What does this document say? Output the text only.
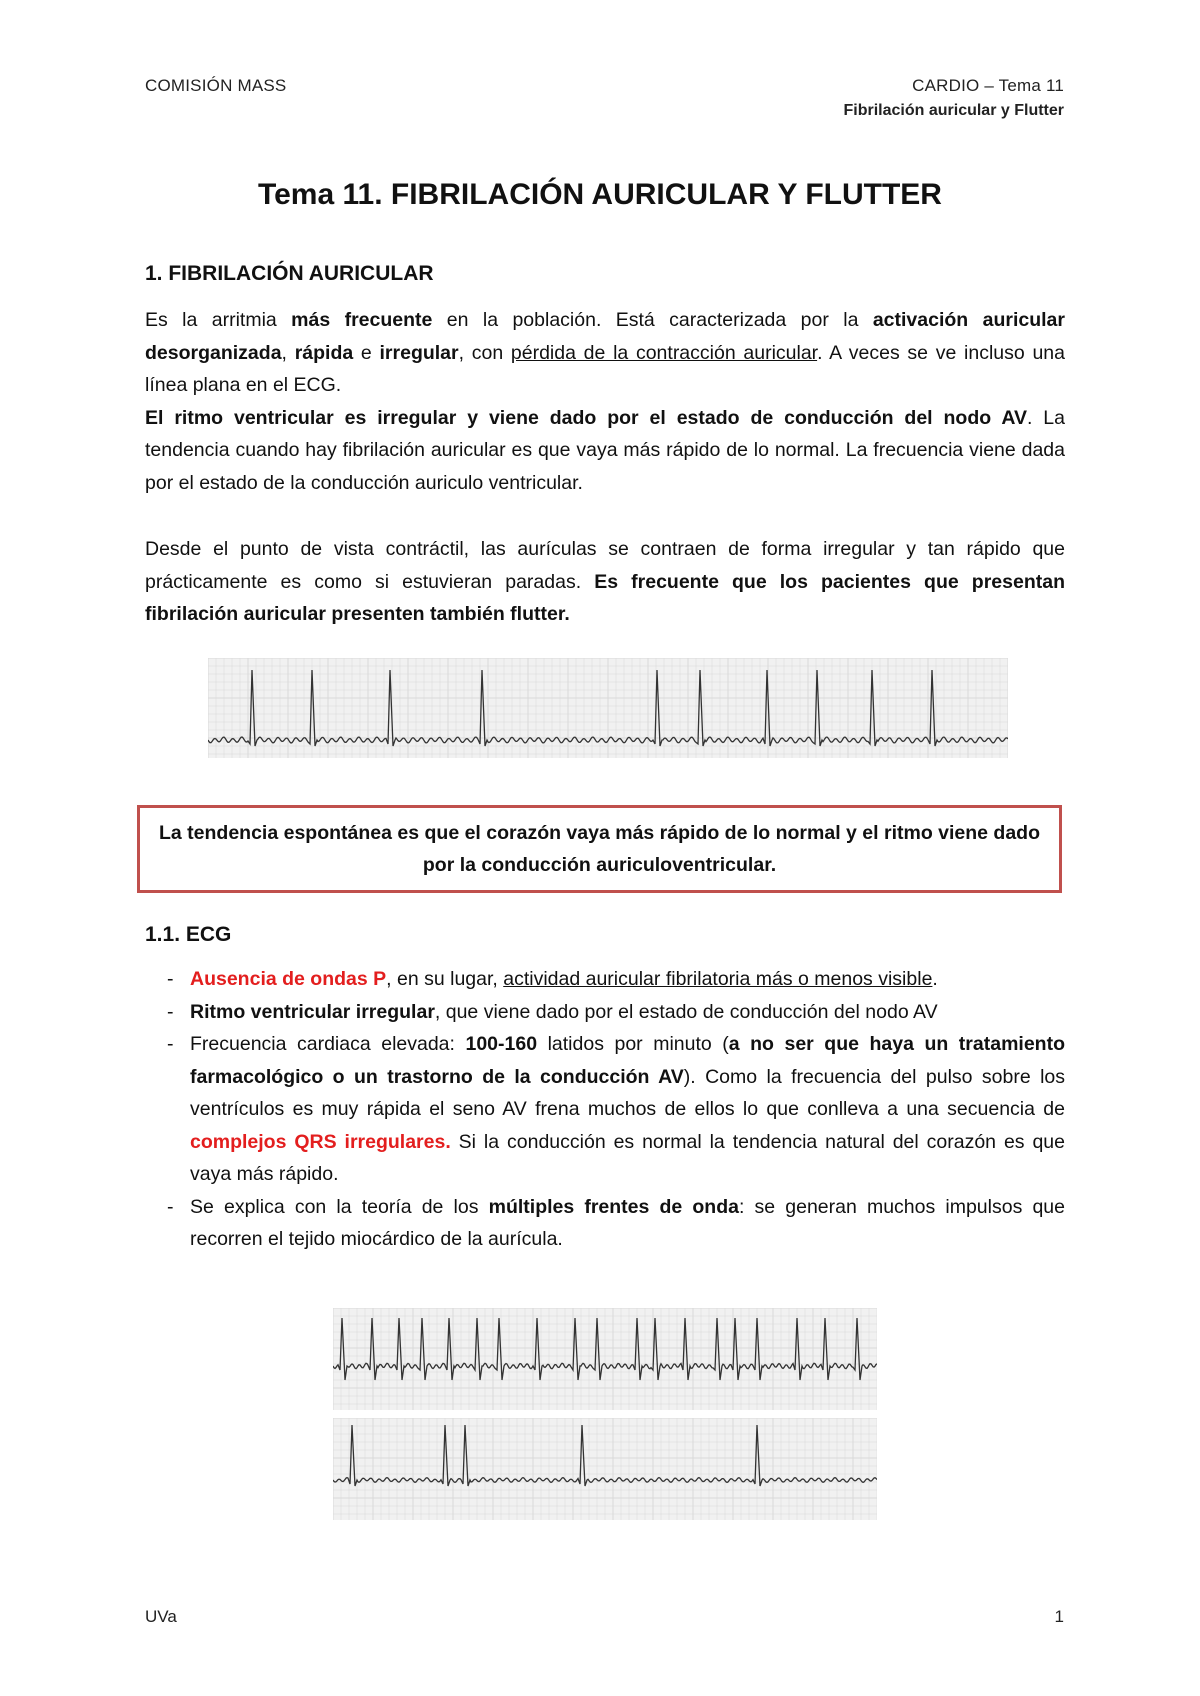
COMISIÓN MASS	CARDIO – Tema 11
Fibrilación auricular y Flutter
Tema 11. FIBRILACIÓN AURICULAR Y FLUTTER
1. FIBRILACIÓN AURICULAR

Es la arritmia más frecuente en la población. Está caracterizada por la activación auricular desorganizada, rápida e irregular, con pérdida de la contracción auricular. A veces se ve incluso una línea plana en el ECG.
El ritmo ventricular es irregular y viene dado por el estado de conducción del nodo AV. La tendencia cuando hay fibrilación auricular es que vaya más rápido de lo normal. La frecuencia viene dada por el estado de la conducción auriculo ventricular.

Desde el punto de vista contráctil, las aurículas se contraen de forma irregular y tan rápido que prácticamente es como si estuvieran paradas. Es frecuente que los pacientes que presentan fibrilación auricular presenten también flutter.

La tendencia espontánea es que el corazón vaya más rápido de lo normal y el ritmo viene dado por la conducción auriculoventricular.
1.1. ECG
- Ausencia de ondas P, en su lugar, actividad auricular fibrilatoria más o menos visible.
- Ritmo ventricular irregular, que viene dado por el estado de conducción del nodo AV
- Frecuencia cardiaca elevada: 100-160 latidos por minuto (a no ser que haya un tratamiento farmacológico o un trastorno de la conducción AV). Como la frecuencia del pulso sobre los ventrículos es muy rápida el seno AV frena muchos de ellos lo que conlleva a una secuencia de complejos QRS irregulares. Si la conducción es normal la tendencia natural del corazón es que vaya más rápido.
- Se explica con la teoría de los múltiples frentes de onda: se generan muchos impulsos que recorren el tejido miocárdico de la aurícula.
UVa	1
